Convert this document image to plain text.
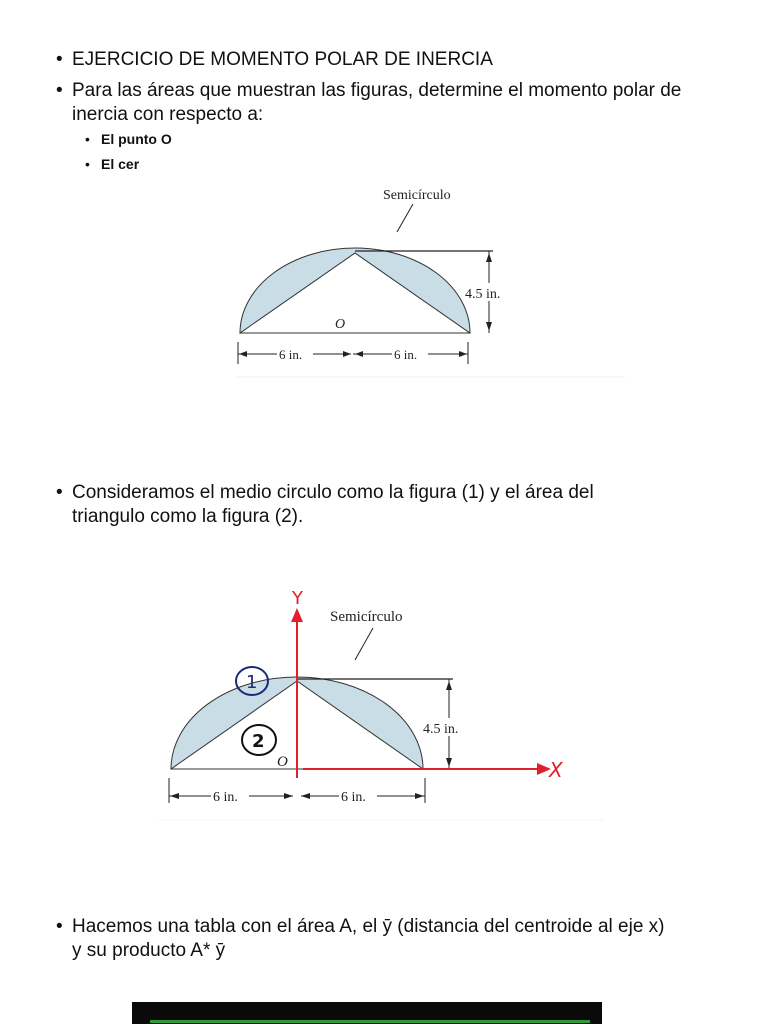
• EJERCICIO DE MOMENTO POLAR DE INERCIA
• Para las áreas que muestran las figuras, determine el momento polar de
inercia con respecto a:
• El punto O
• El cer
4.5 in.
Semicírculo
O
6 in.	6 in.
• Consideramos el medio circulo como la figura (1) y el área del
triangulo como la figura (2).
4.5 in.
Semicírculo
O
Y
X
1
2
6 in.	6 in.
• Hacemos una tabla con el área A, el ȳ (distancia del centroide al eje x)
y su producto A* ȳ
